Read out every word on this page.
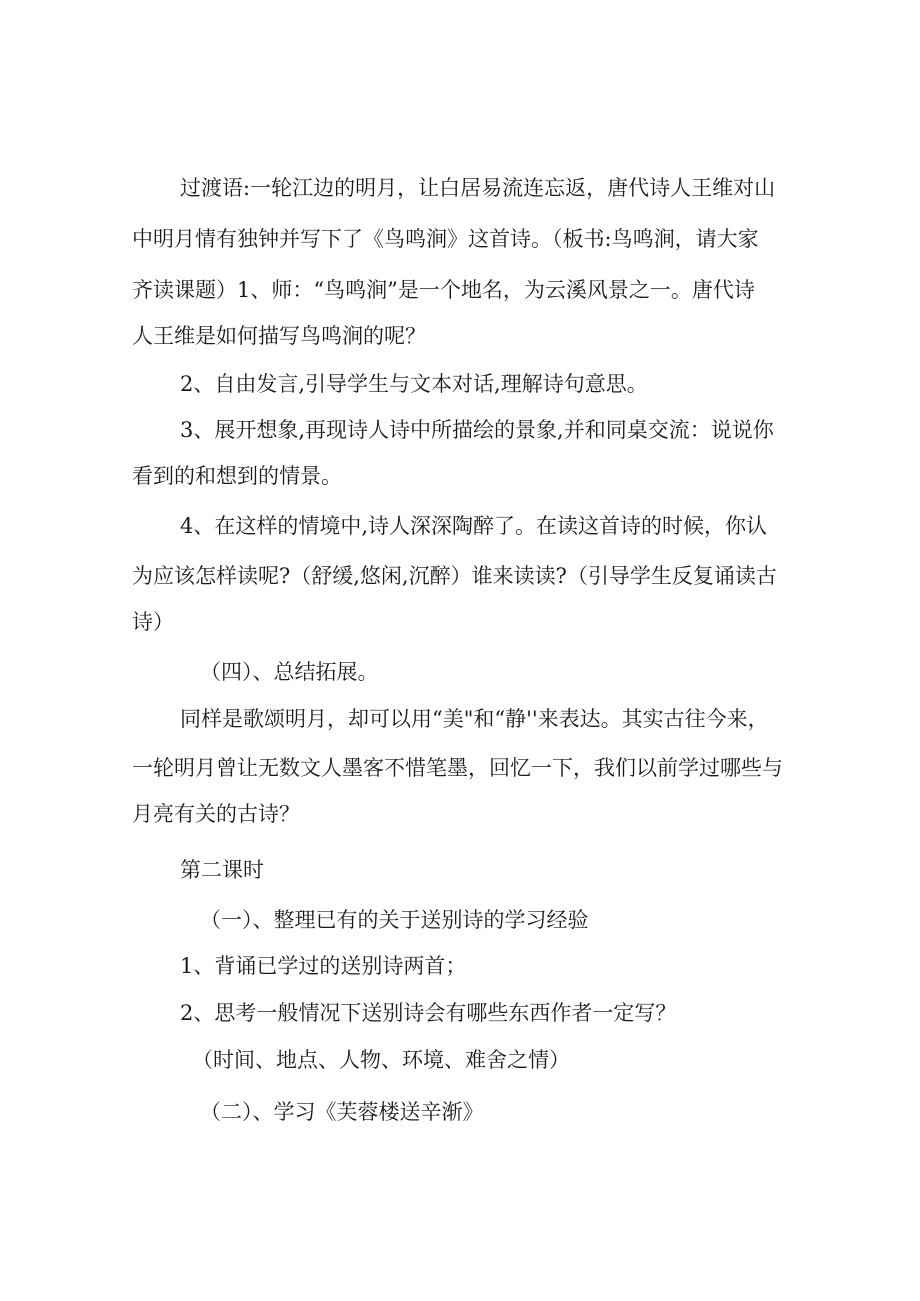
过渡语:一轮江边的明月，让白居易流连忘返，唐代诗人王维对山
中明月情有独钟并写下了《鸟鸣涧》这首诗。（板书:鸟鸣涧，请大家
齐读课题）1、师：“鸟鸣涧”是一个地名，为云溪风景之一。唐代诗
人王维是如何描写鸟鸣涧的呢？
2、自由发言,引导学生与文本对话,理解诗句意思。
3、展开想象,再现诗人诗中所描绘的景象,并和同桌交流：说说你
看到的和想到的情景。
4、在这样的情境中,诗人深深陶醉了。在读这首诗的时候，你认
为应该怎样读呢?（舒缓,悠闲,沉醉）谁来读读?（引导学生反复诵读古
诗）
（四）、总结拓展。
同样是歌颂明月，却可以用“美"和“静''来表达。其实古往今来，
一轮明月曾让无数文人墨客不惜笔墨，回忆一下，我们以前学过哪些与
月亮有关的古诗？
第二课时
（一）、整理已有的关于送别诗的学习经验
1、背诵已学过的送别诗两首；
2、思考一般情况下送别诗会有哪些东西作者一定写？
（时间、地点、人物、环境、难舍之情）
（二）、学习《芙蓉楼送辛渐》
